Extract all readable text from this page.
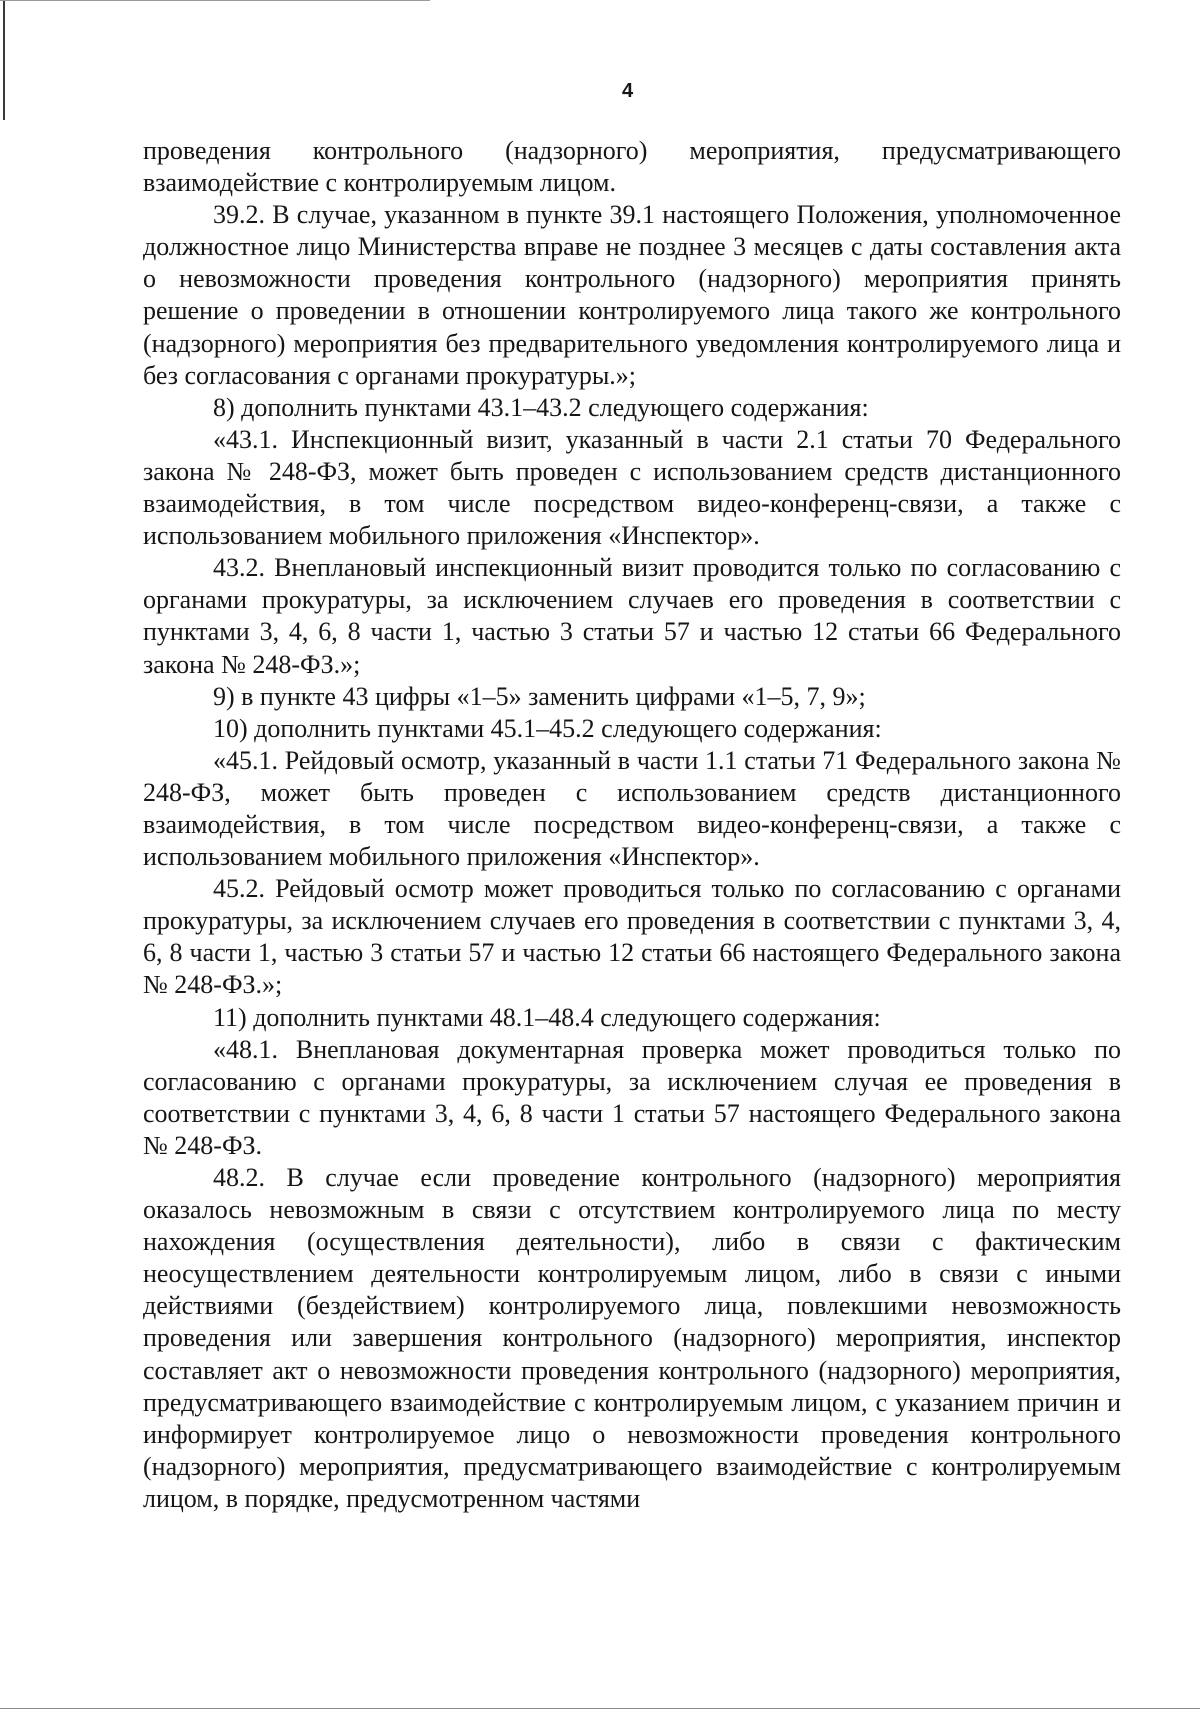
4

проведения контрольного (надзорного) мероприятия, предусматривающего взаимодействие с контролируемым лицом.

39.2. В случае, указанном в пункте 39.1 настоящего Положения, уполномоченное должностное лицо Министерства вправе не позднее 3 месяцев с даты составления акта о невозможности проведения контрольного (надзорного) мероприятия принять решение о проведении в отношении контролируемого лица такого же контрольного (надзорного) мероприятия без предварительного уведомления контролируемого лица и без согласования с органами прокуратуры.»;

8) дополнить пунктами 43.1–43.2 следующего содержания:

«43.1. Инспекционный визит, указанный в части 2.1 статьи 70 Федерального закона № 248-ФЗ, может быть проведен с использованием средств дистанционного взаимодействия, в том числе посредством видео-конференц-связи, а также с использованием мобильного приложения «Инспектор».

43.2. Внеплановый инспекционный визит проводится только по согласованию с органами прокуратуры, за исключением случаев его проведения в соответствии с пунктами 3, 4, 6, 8 части 1, частью 3 статьи 57 и частью 12 статьи 66 Федерального закона № 248-ФЗ.»;

9) в пункте 43 цифры «1–5» заменить цифрами «1–5, 7, 9»;

10) дополнить пунктами 45.1–45.2 следующего содержания:

«45.1. Рейдовый осмотр, указанный в части 1.1 статьи 71 Федерального закона № 248-ФЗ, может быть проведен с использованием средств дистанционного взаимодействия, в том числе посредством видео-конференц-связи, а также с использованием мобильного приложения «Инспектор».

45.2. Рейдовый осмотр может проводиться только по согласованию с органами прокуратуры, за исключением случаев его проведения в соответствии с пунктами 3, 4, 6, 8 части 1, частью 3 статьи 57 и частью 12 статьи 66 настоящего Федерального закона № 248-ФЗ.»;

11) дополнить пунктами 48.1–48.4 следующего содержания:

«48.1. Внеплановая документарная проверка может проводиться только по согласованию с органами прокуратуры, за исключением случая ее проведения в соответствии с пунктами 3, 4, 6, 8 части 1 статьи 57 настоящего Федерального закона № 248-ФЗ.

48.2. В случае если проведение контрольного (надзорного) мероприятия оказалось невозможным в связи с отсутствием контролируемого лица по месту нахождения (осуществления деятельности), либо в связи с фактическим неосуществлением деятельности контролируемым лицом, либо в связи с иными действиями (бездействием) контролируемого лица, повлекшими невозможность проведения или завершения контрольного (надзорного) мероприятия, инспектор составляет акт о невозможности проведения контрольного (надзорного) мероприятия, предусматривающего взаимодействие с контролируемым лицом, с указанием причин и информирует контролируемое лицо о невозможности проведения контрольного (надзорного) мероприятия, предусматривающего взаимодействие с контролируемым лицом, в порядке, предусмотренном частями
